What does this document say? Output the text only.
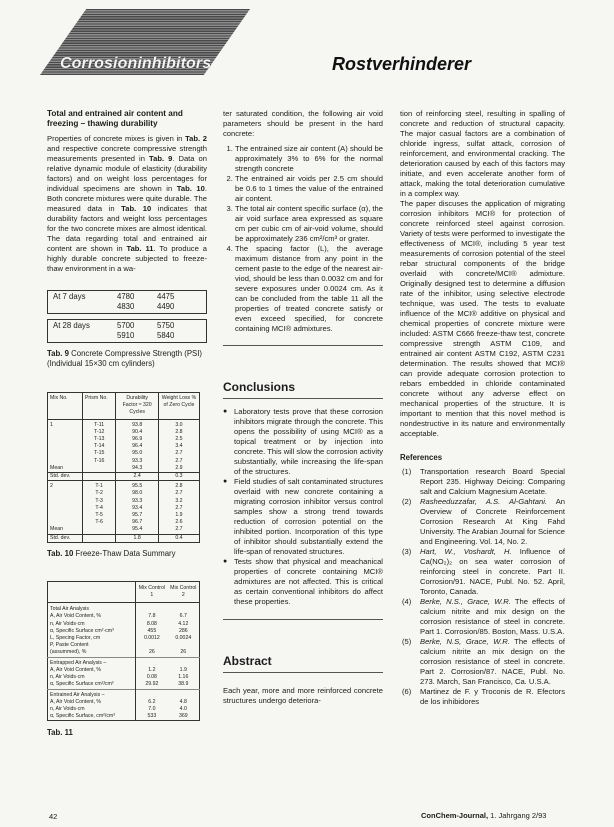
Corrosioninhibitors	Rostverhinderer
Total and entrained air content and freezing – thawing durability

Properties of concrete mixes is given in Tab. 2 and respective concrete compressive strength measurements presented in Tab. 9. Data on relative dynamic module of elasticity (durability factors) and on weight loss percentages for individual specimens are shown in Tab. 10. Both concrete mixtures were quite durable. The measured data in Tab. 10 indicates that durability factors and weight loss percentages for the two concrete mixes are almost identical. The data regarding total and entrained air content are shown in Tab. 11. To produce a highly durable concrete subjected to freeze-thaw environment in a wa-

At 7 days	4780	4475
4830	4490
At 28 days	5700	5750
5910	5840
Tab. 9 Concrete Compressive Strength (PSI) (Individual 15×30 cm cylinders)
Mix No.	Prism No.	Durability Factor ≈ 320 Cycles	Weight Loss % of Zero Cycle
1	T-11	93.8	3.0
	T-12	90.4	2.8
	T-13	96.9	2.5
	T-14	96.4	3.4
	T-15	95.0	2.7
	T-16	93.3	2.7
Mean		94.3	2.9
Std. dev.		2.4	0.3
2	T-1	95.5	2.8
	T-2	98.0	2.7
	T-3	93.3	3.2
	T-4	93.4	2.7
	T-5	95.7	1.9
	T-6	96.7	2.6
Mean		95.4	2.7
Std. dev.		1.8	0.4
Tab. 10 Freeze-Thaw Data Summary
	Mix Control 1	Mix Control 2
Total Air Analysis		
A, Air Void Content, %	7.8	6.7
n, Air Voids·cm	8.08	4.12
α, Specific Surface cm²·cm³	455	286
L, Specing Factor, cm	0.0012	0.0024
P, Paste Content		
(assummed), %	26	26
Entrapped Air Analysis –		
A, Air Void Content, %	1.2	1.9
n, Air Voids·cm	0.08	1.16
α, Specific Surface cm²/cm³	29.92	38.9
Entrained Air Analysis –		
A, Air Void Content, %	6.2	4.8
n, Air Voids·cm	7.0	4.0
α, Specific Surface, cm²/cm³	533	369
Tab. 11

ter saturated condition, the following air void parameters should be present in the hard concrete:

1. The entrained size air content (A) should be approximately 3% to 6% for the normal strength concrete
2. The entrained air voids per 2.5 cm should be 0.6 to 1 times the value of the entrained air content.
3. The total air content specific surface (α), the air void surface area expressed as square cm per cubic cm of air-void volume, should be approximately 236 cm²/cm³ or grater.
4. The spacing factor (L), the average maximum distance from any point in the cement paste to the edge of the nearest air-viod, should be less than 0.0032 cm and for severe exposures under 0.0024 cm. As it can be concluded from the table 11 all the properties of treated concrete satisfy or even exceed specified, for concrete containing MCI® admixtures.
Conclusions
● Laboratory tests prove that these corrosion inhibitors migrate through the concrete. This opens the possibility of using MCI® as a topical treatment or by injection into concrete. This will slow the corrosion activity substantially, while increasing the life-span of the structures.
● Field studies of salt contaminated structures overlaid with new concrete containing a migrating corrosion inhibitor versus control samples show a strong trend towards reduction of corrosion potential on the inhibited portion. Incorporation of this type of inhibitor should substantially extend the life-span of renovated structures.
● Tests show that physical and meachanical properties of concrete containing MCI® admixtures are not affected. This is critical as certain conventional inhibitors do affect these properties.
Abstract

Each year, more and more reinforced concrete structures undergo deteriora-

tion of reinforcing steel, resulting in spalling of concrete and reduction of structural capacity. The major casual factors are a combination of chloride ingress, sulfat attack, corrosion of reinforcement, and environmental cracking. The deterioration caused by each of this factors may initiate, and even accelerate another form of attack, making the total deterioration cumulative in a complex way.

The paper discuses the application of migrating corrosion inhibitors MCI® for protection of concrete reinforced steel against corrosion. Variety of tests were performed to investigate the effectiveness of MCI®, including 5 year test measurements of corrosion potential of the steel rebar structural components of the bridge overlaid with concrete/MCI® admixture. Originally designed test to determine a diffusion rate of the inhibitor, using selective electrode technique, was used. The tests to evaluate influence of the MCI® additive on physical and chemical properties of concrete mixture were included: ASTM C666 freeze-thaw test, concrete compressive strength ASTM C109, and entrained air content ASTM C192, ASTM C231 determination. The results showed that MCI® can provide adequate corrosion protection to rebars embedded in chloride contaminated concrete without any adverse effect on mechanical properties of the structure. It is important to mention that this novel method is nondestructive in its nature and environmentally acceptable.

References
(1) Transportation research Board Special Report 235. Highway Deicing: Comparing salt and Calcium Magnesium Acetate.
(2) Rasheeduzzafar, A.S. Al-Gahtani. An Overview of Concrete Reinforcement Corrosion Research At King Fahd University. The Arabian Journal for Science and Engineering. Vol. 14, No. 2.
(3) Hart, W., Voshardt, H. Influence of Ca(NO₂)₂ on sea water corrosion of reinforcing steel in concrete. Part II. Corrosion/91. NACE, Publ. No. 52. April, Toronto, Canada.
(4) Berke, N.S., Grace, W.R. The effects of calcium nitrite and mix design on the corrosion resistance of steel in concrete. Part 1. Corrosion/85. Boston, Mass. U.S.A.
(5) Berke, N.S, Grace, W.R. The effects of calcium nitrite an mix design on the corrosion resistance of steel in concrete. Part 2. Corrosion/87. NACE, Publ. No. 273. March, San Francisco, Ca. U.S.A.
(6) Martinez de F. y Troconis de R. Efectors de los inhibidores
42	ConChem-Journal, 1. Jahrgang 2/93
